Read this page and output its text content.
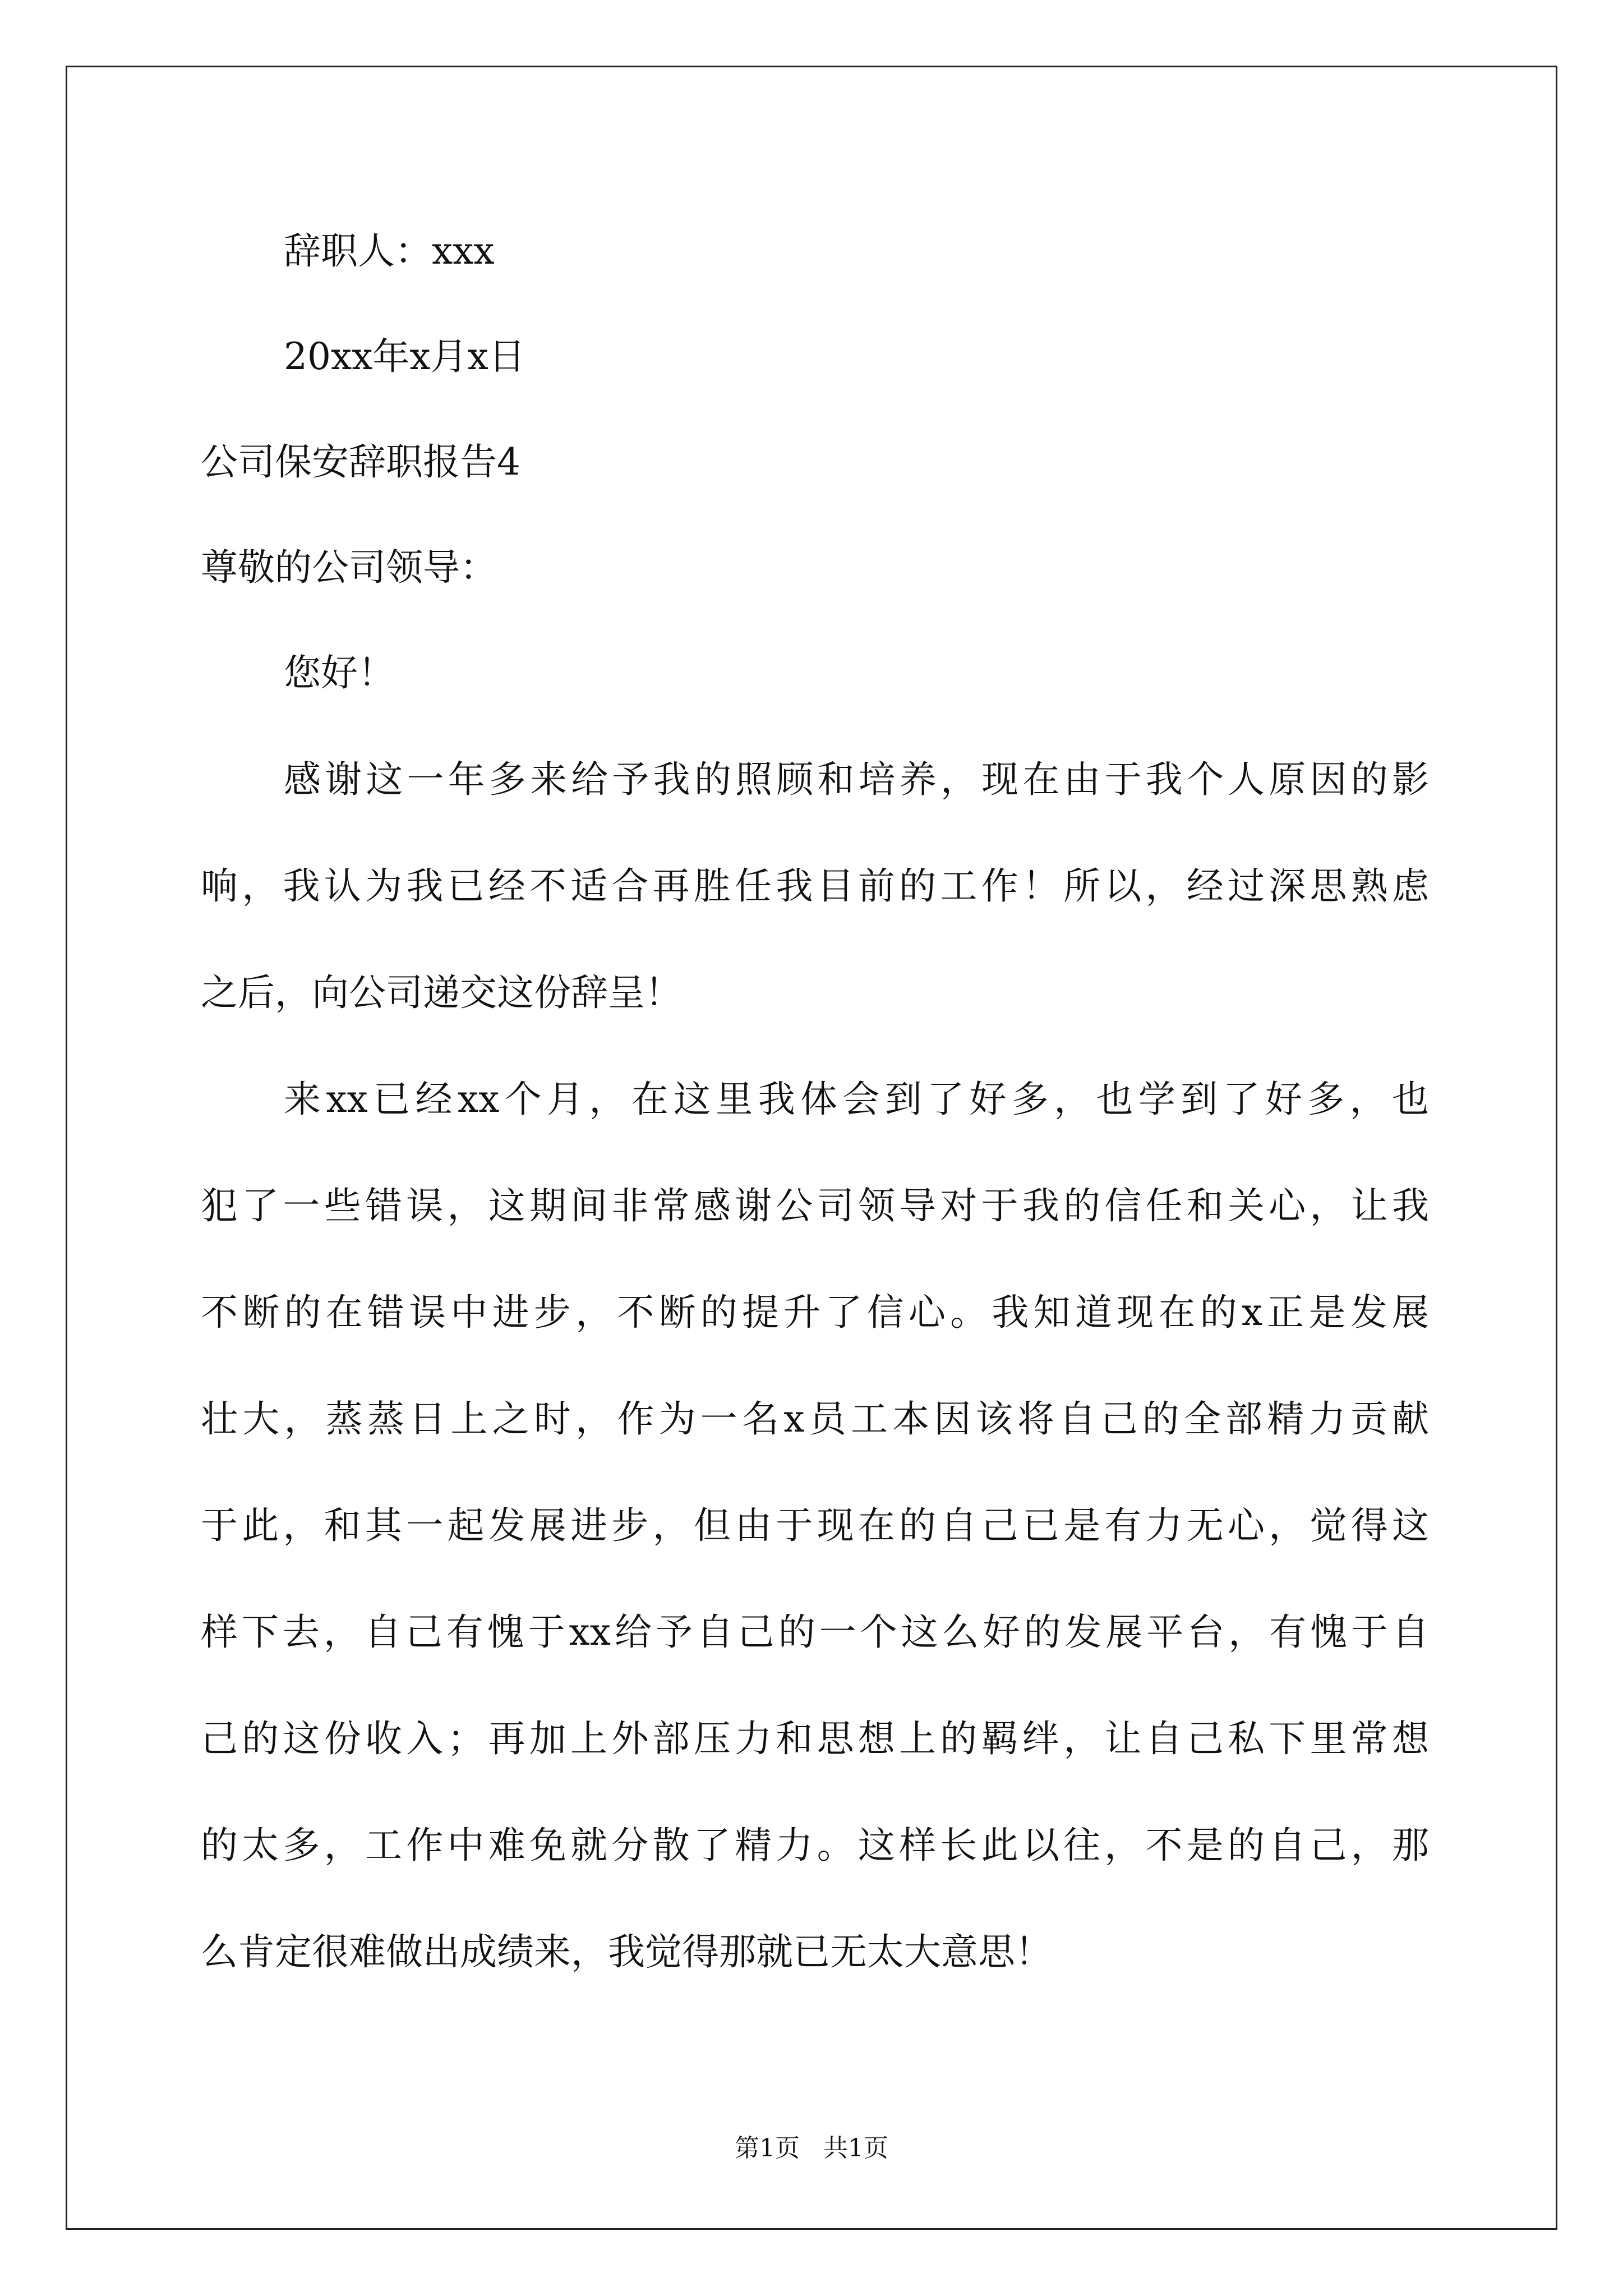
辞职人：xxx
20xx年x月x日
公司保安辞职报告4
尊敬的公司领导：
您好！
感谢这一年多来给予我的照顾和培养，现在由于我个人原因的影
响，我认为我已经不适合再胜任我目前的工作！所以，经过深思熟虑
之后，向公司递交这份辞呈！
来xx已经xx个月，在这里我体会到了好多，也学到了好多，也
犯了一些错误，这期间非常感谢公司领导对于我的信任和关心，让我
不断的在错误中进步，不断的提升了信心。我知道现在的x正是发展
壮大，蒸蒸日上之时，作为一名x员工本因该将自己的全部精力贡献
于此，和其一起发展进步，但由于现在的自己已是有力无心，觉得这
样下去，自己有愧于xx给予自己的一个这么好的发展平台，有愧于自
己的这份收入；再加上外部压力和思想上的羁绊，让自己私下里常想
的太多，工作中难免就分散了精力。这样长此以往，不是的自己，那
么肯定很难做出成绩来，我觉得那就已无太大意思！
第1页 共1页
